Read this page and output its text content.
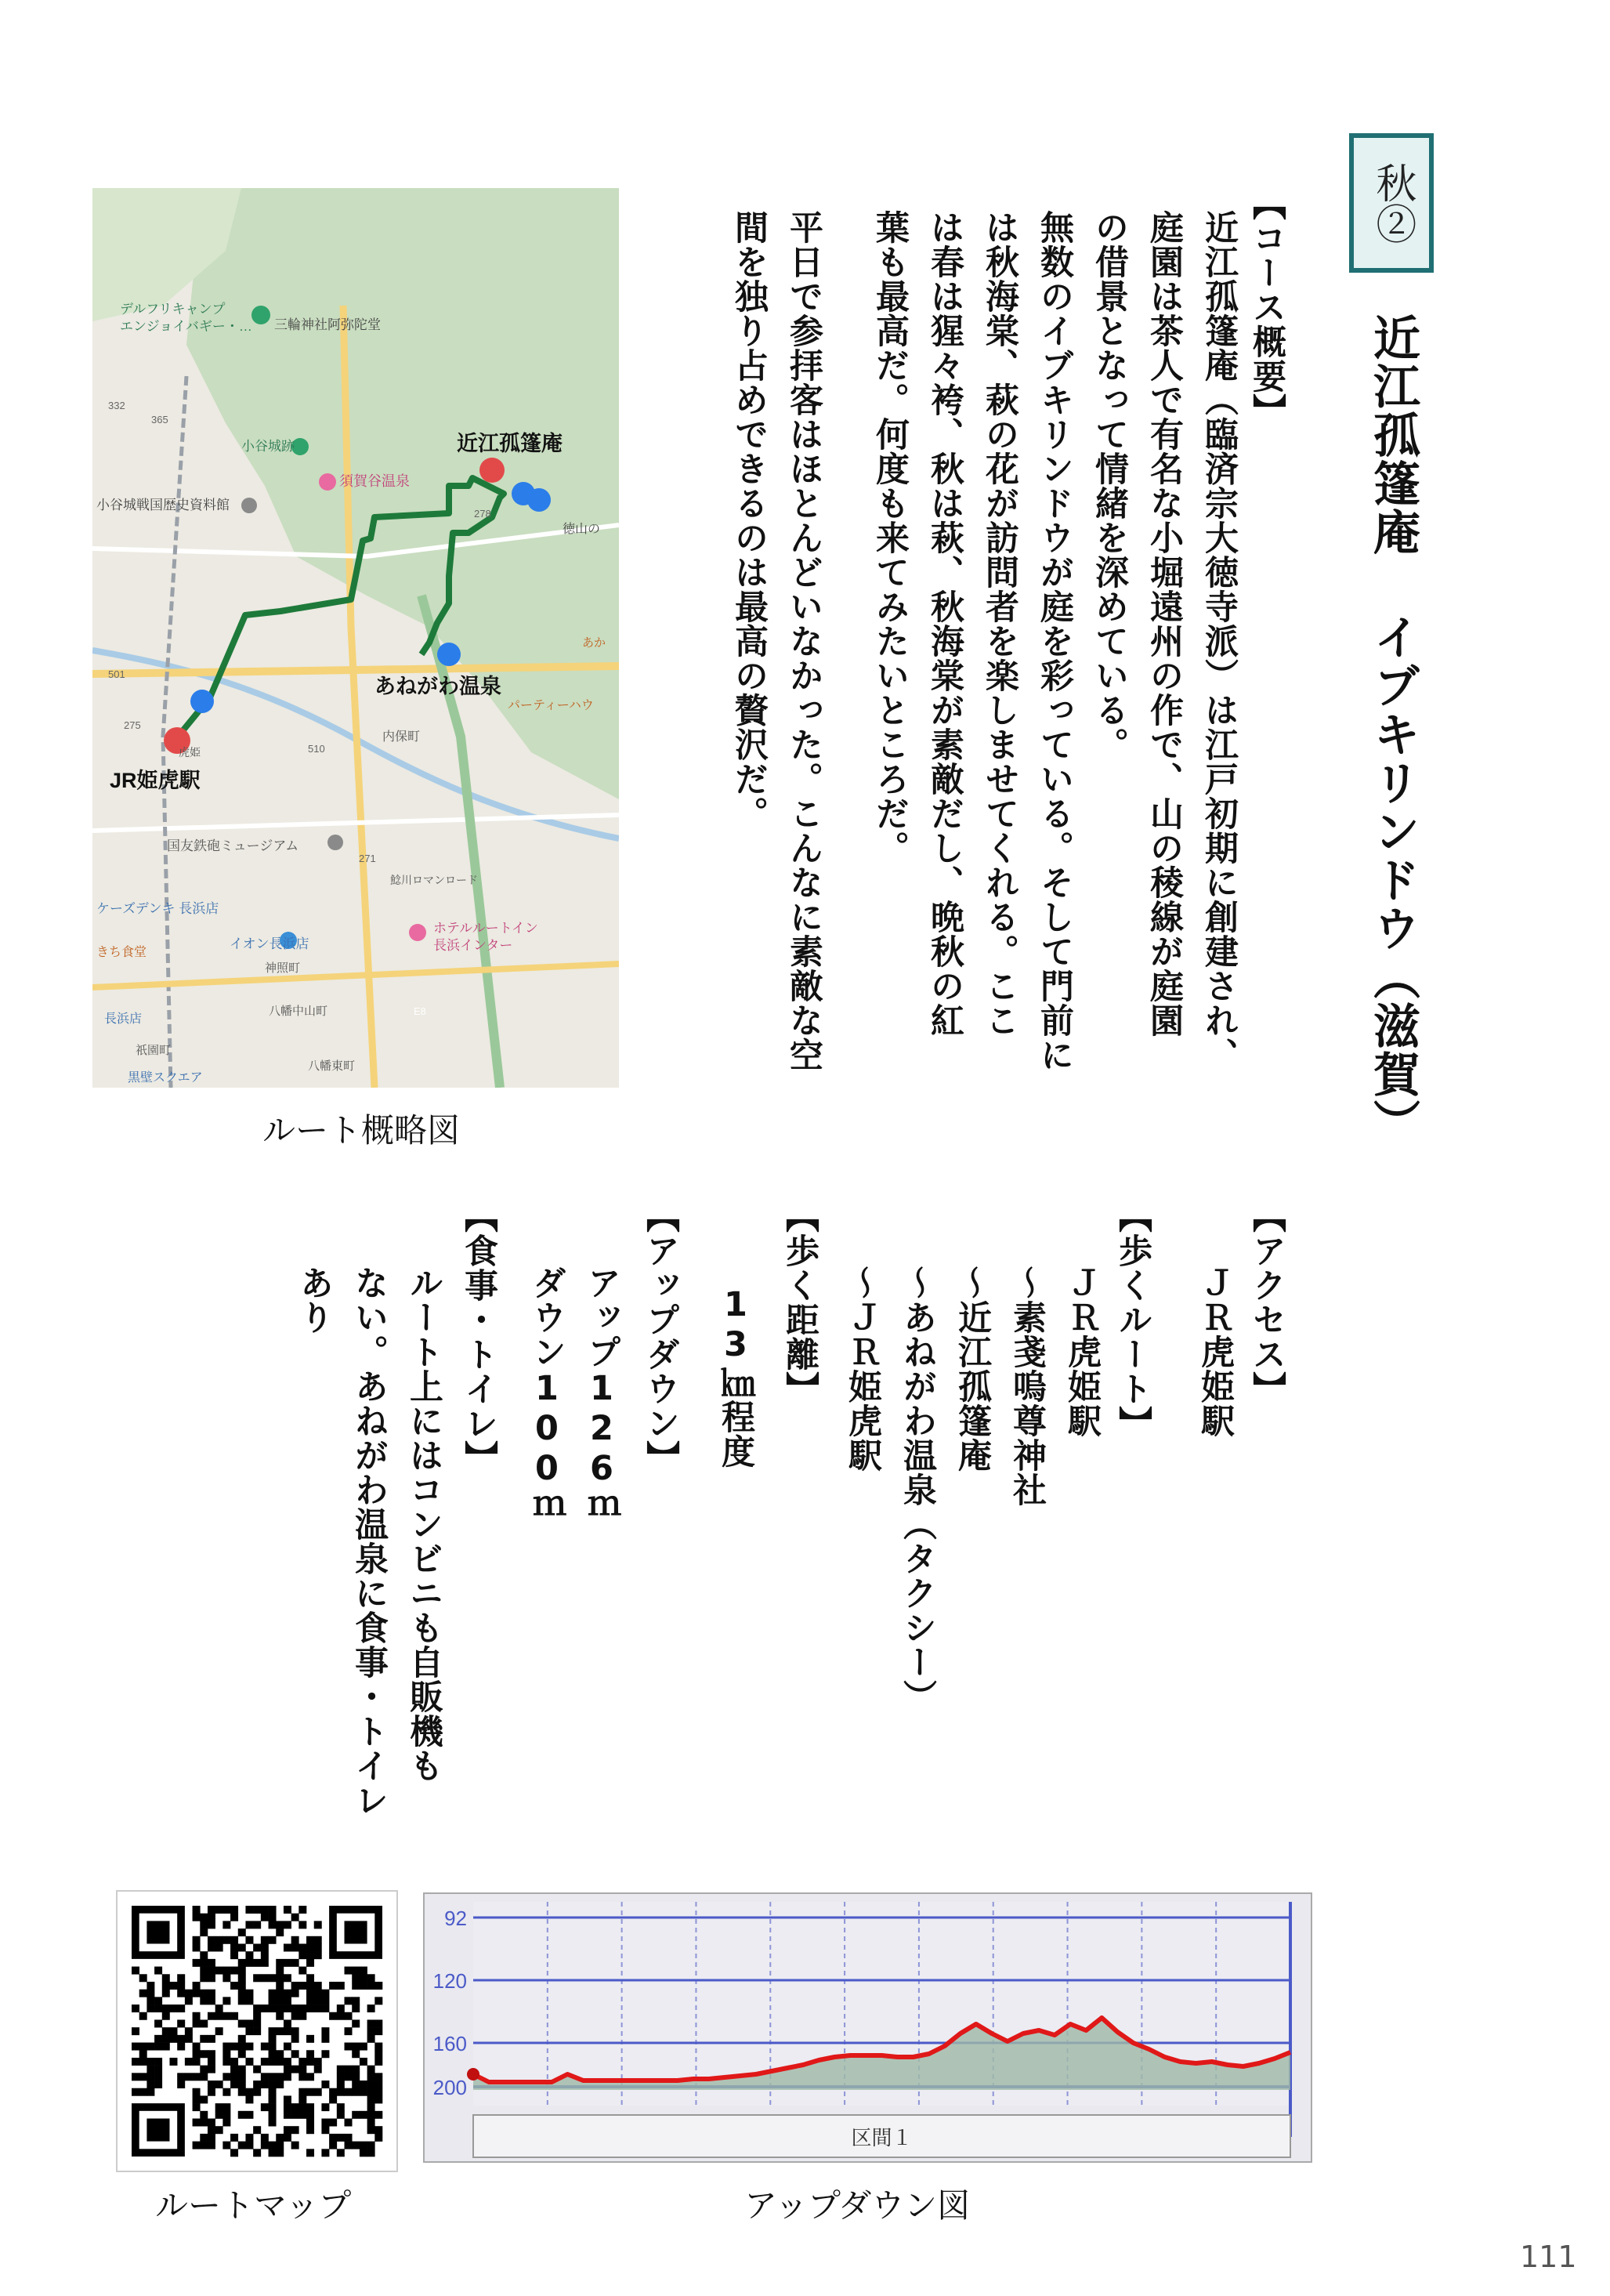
秋②
近江孤篷庵 イブキリンドウ（滋賀）
【コース概要】
近江孤篷庵（臨済宗大徳寺派）は江戸初期に創建され、
庭園は茶人で有名な小堀遠州の作で、山の稜線が庭園
の借景となって情緒を深めている。
無数のイブキリンドウが庭を彩っている。そして門前に
は秋海棠、萩の花が訪問者を楽しませてくれる。ここ
は春は猩々袴、秋は萩、秋海棠が素敵だし、晩秋の紅
葉も最高だ。何度も来てみたいところだ。
平日で参拝客はほとんどいなかった。こんなに素敵な空
間を独り占めできるのは最高の贅沢だ。
【アクセス】
ＪＲ虎姫駅
【歩くルート】
ＪＲ虎姫駅
～素戔嗚尊神社
～近江孤篷庵
～あねがわ温泉（タクシー）
～ＪＲ姫虎駅
【歩く距離】
13㎞程度
【アップダウン】
アップ126ｍ
ダウン100ｍ
【食事・トイレ】
ルート上にはコンビニも自販機も
ない。あねがわ温泉に食事・トイレ
あり
近江孤篷庵
あねがわ温泉
JR姫虎駅
デルフリキャンプ
エンジョイバギー・… 三輪神社阿弥陀堂
小谷城跡
須賀谷温泉
小谷城戦国歴史資料館
徳山の
内保町
パーティーハウ
国友鉄砲ミュージアム
鯰川ロマンロード
ケーズデンキ 長浜店
イオン長浜店
ホテルルートイン
長浜インター
神照町
八幡中山町
長浜店
祇園町
黒壁スクエア
八幡東町
きち食堂
あか
332
365
501
275
510
271
278
E8
虎姫
ルート概略図
ルートマップ
200
160
120
92
区間１
アップダウン図
111
